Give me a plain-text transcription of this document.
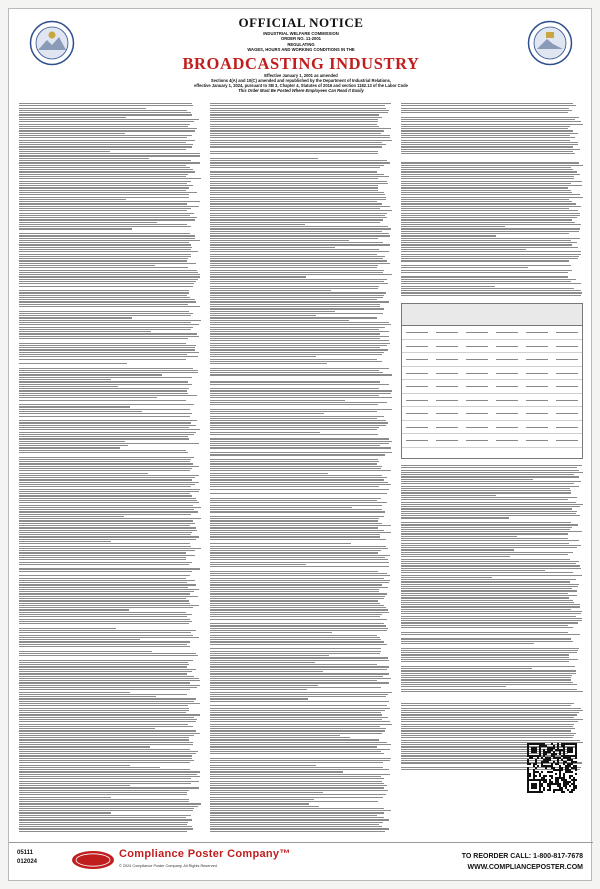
OFFICIAL NOTICE
INDUSTRIAL WELFARE COMMISSION
ORDER NO. 11-2001
REGULATING
WAGES, HOURS AND WORKING CONDITIONS IN THE
BROADCASTING INDUSTRY
Effective January 1, 2001 as amended
Sections 4(A) and 10(C) amended and republished by the Department of Industrial Relations,
effective January 1, 2024, pursuant to SB 3, Chapter 4, Statutes of 2016 and section 1182.13 of the Labor Code
This Order Must Be Posted Where Employees Can Read It Easily
05111
012024
Compliance Poster Company™
© 2024 Compliance Poster Company. All Rights Reserved.
TO REORDER CALL: 1-800-817-7678
WWW.COMPLIANCEPOSTER.COM
